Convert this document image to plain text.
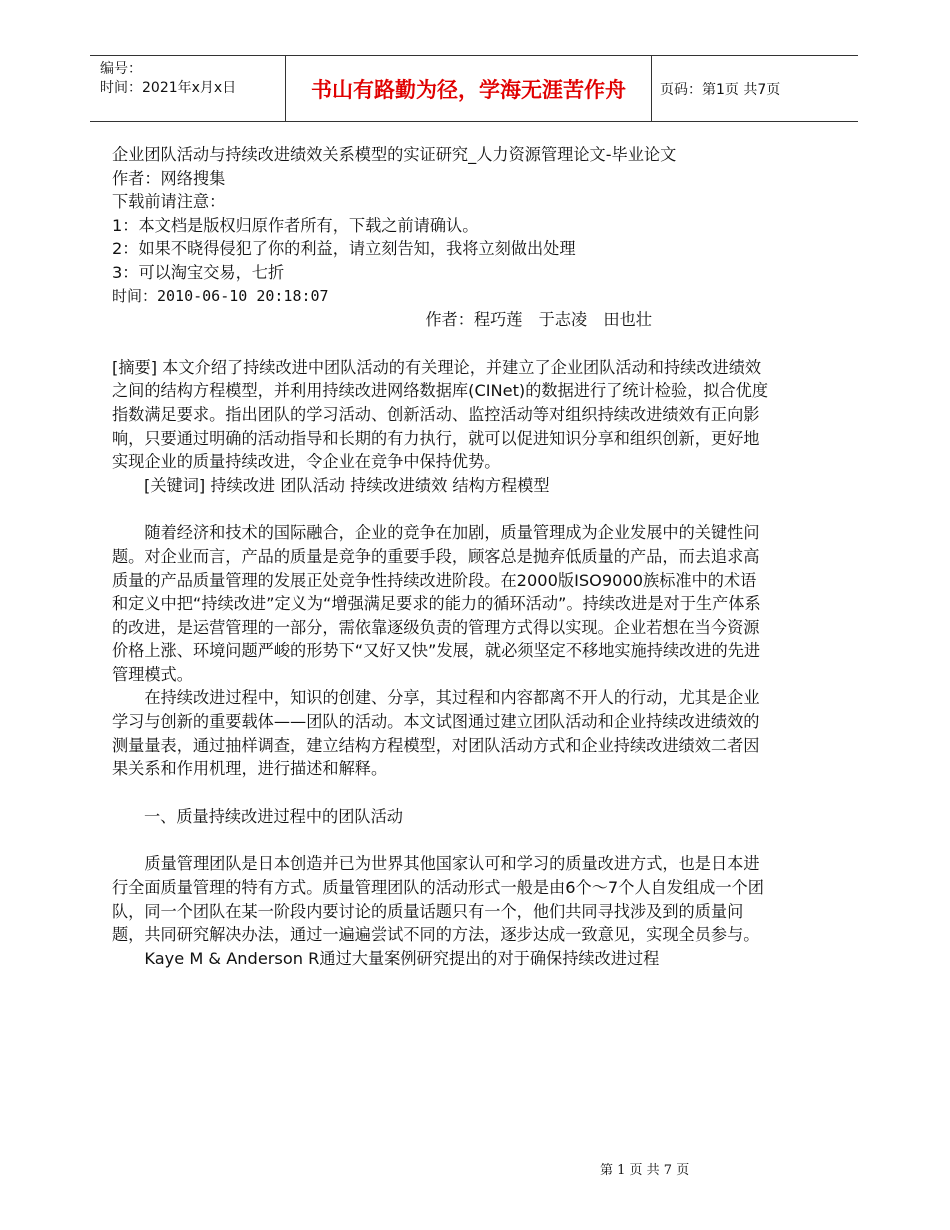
编号：
时间：2021年x月x日	书山有路勤为径，学海无涯苦作舟	页码：第1页 共7页

企业团队活动与持续改进绩效关系模型的实证研究_人力资源管理论文-毕业论文

作者：网络搜集

下载前请注意：

1：本文档是版权归原作者所有，下载之前请确认。

2：如果不晓得侵犯了你的利益，请立刻告知，我将立刻做出处理

3：可以淘宝交易，七折

时间：2010-06-10 20:18:07

作者：程巧莲　于志凌　田也壮

[摘要] 本文介绍了持续改进中团队活动的有关理论，并建立了企业团队活动和持续改进绩效之间的结构方程模型，并利用持续改进网络数据库(CINet)的数据进行了统计检验，拟合优度指数满足要求。指出团队的学习活动、创新活动、监控活动等对组织持续改进绩效有正向影响，只要通过明确的活动指导和长期的有力执行，就可以促进知识分享和组织创新，更好地实现企业的质量持续改进，令企业在竞争中保持优势。

[关键词] 持续改进 团队活动 持续改进绩效 结构方程模型

随着经济和技术的国际融合，企业的竞争在加剧，质量管理成为企业发展中的关键性问题。对企业而言，产品的质量是竞争的重要手段，顾客总是抛弃低质量的产品，而去追求高质量的产品质量管理的发展正处竞争性持续改进阶段。在2000版ISO9000族标准中的术语和定义中把“持续改进”定义为“增强满足要求的能力的循环活动”。持续改进是对于生产体系的改进，是运营管理的一部分，需依靠逐级负责的管理方式得以实现。企业若想在当今资源价格上涨、环境问题严峻的形势下“又好又快”发展，就必须坚定不移地实施持续改进的先进管理模式。

在持续改进过程中，知识的创建、分享，其过程和内容都离不开人的行动，尤其是企业学习与创新的重要载体——团队的活动。本文试图通过建立团队活动和企业持续改进绩效的测量量表，通过抽样调查，建立结构方程模型，对团队活动方式和企业持续改进绩效二者因果关系和作用机理，进行描述和解释。

一、质量持续改进过程中的团队活动

质量管理团队是日本创造并已为世界其他国家认可和学习的质量改进方式，也是日本进行全面质量管理的特有方式。质量管理团队的活动形式一般是由6个～7个人自发组成一个团队，同一个团队在某一阶段内要讨论的质量话题只有一个，他们共同寻找涉及到的质量问题，共同研究解决办法，通过一遍遍尝试不同的方法，逐步达成一致意见，实现全员参与。

Kaye M & Anderson R通过大量案例研究提出的对于确保持续改进过程

第 1 页 共 7 页
